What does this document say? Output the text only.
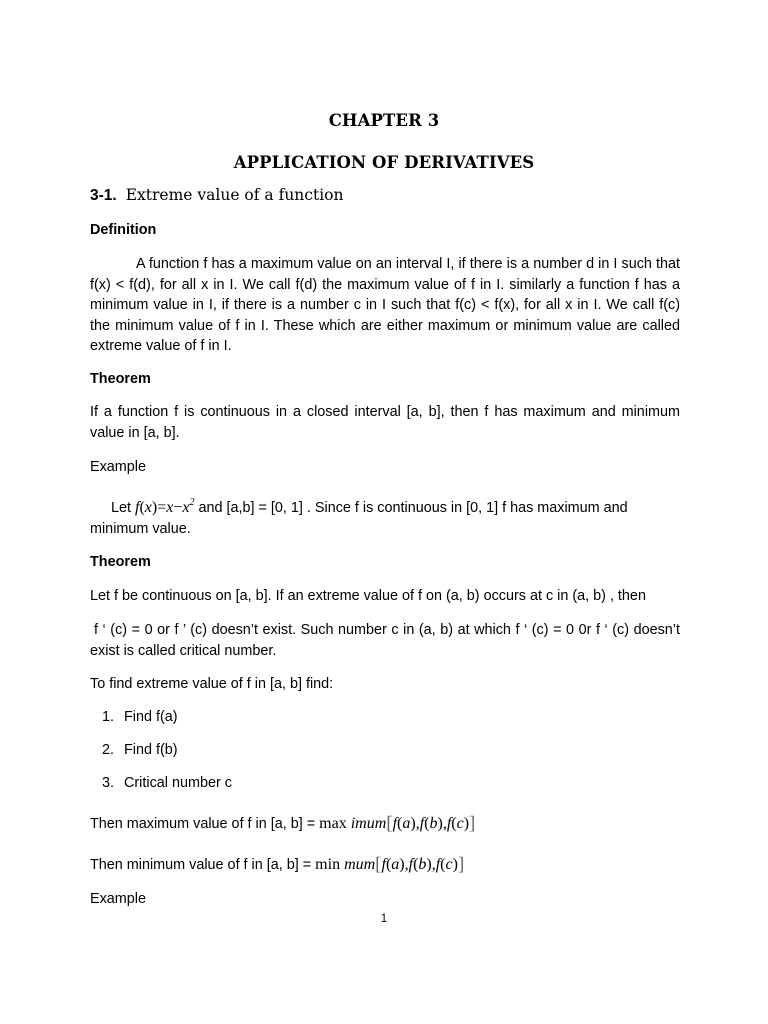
CHAPTER 3
APPLICATION OF DERIVATIVES
3-1. Extreme value of a function
Definition

A function f has a maximum value on an interval I, if there is a number d in I such that f(x) < f(d), for all x in I. We call f(d) the maximum value of f in I. similarly a function f has a minimum value in I, if there is a number c in I such that f(c) < f(x), for all x in I. We call f(c) the minimum value of f in I. These which are either maximum or minimum value are called extreme value of f in I.

Theorem

If a function f is continuous in a closed interval [a, b], then f has maximum and minimum value in [a, b].

Example
Let $f(x)=x-x^2$ and [a,b] = [0, 1] . Since f is continuous in [0, 1] f has maximum and
minimum value.
Theorem

Let f be continuous on [a, b]. If an extreme value of f on (a, b) occurs at c in (a, b) , then

f ‘ (c) = 0 or f ’ (c) doesn’t exist. Such number c in (a, b) at which f ‘ (c) = 0 0r f ‘ (c) doesn’t exist is called critical number.

To find extreme value of f in [a, b] find:

1. Find f(a)
2. Find f(b)
3. Critical number c
Then maximum value of f in [a, b] = max imum[f(a),f(b),f(c)]
Then minimum value of f in [a, b] = min mum[f(a),f(b),f(c)]
Example
1
